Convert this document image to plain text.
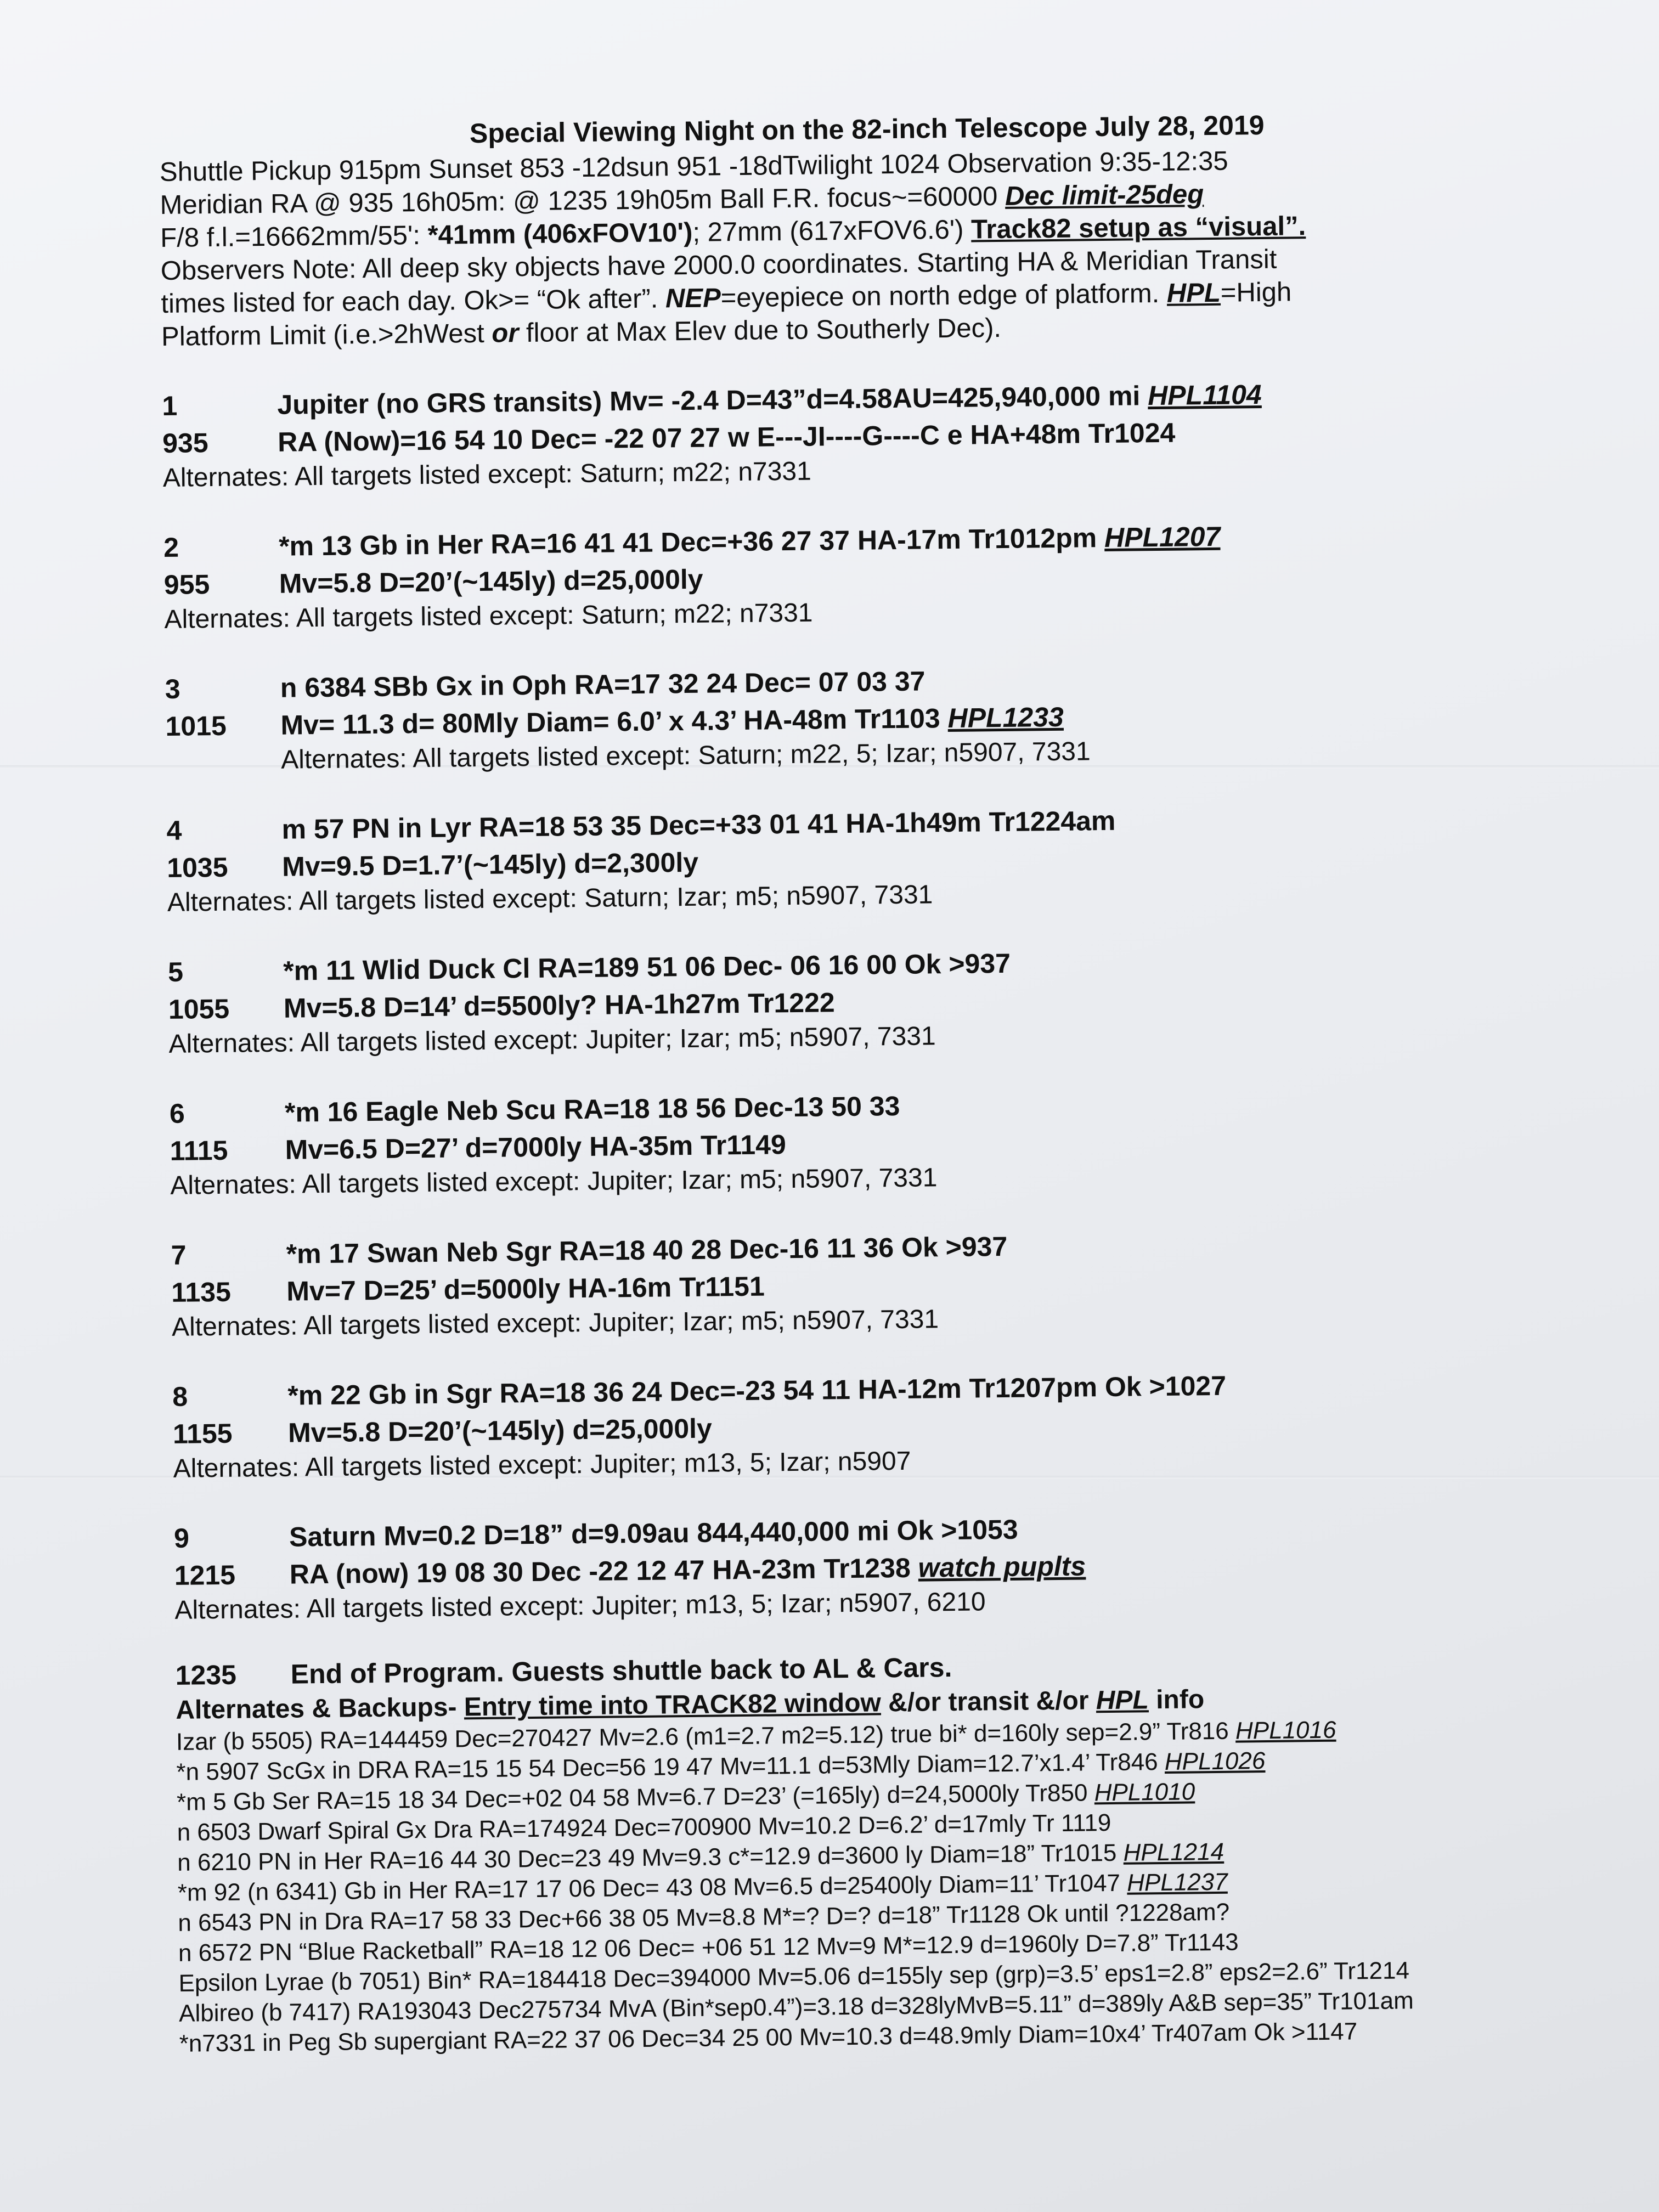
Special Viewing Night on the 82-inch Telescope July 28, 2019
Shuttle Pickup 915pm Sunset 853 -12dsun 951 -18dTwilight 1024 Observation 9:35-12:35
Meridian RA @ 935 16h05m: @ 1235 19h05m Ball F.R. focus~=60000 Dec limit-25deg
F/8 f.l.=16662mm/55': *41mm (406xFOV10'); 27mm (617xFOV6.6') Track82 setup as “visual”.
Observers Note: All deep sky objects have 2000.0 coordinates. Starting HA & Meridian Transit
times listed for each day. Ok>= “Ok after”. NEP=eyepiece on north edge of platform. HPL=High
Platform Limit (i.e.>2hWest or floor at Max Elev due to Southerly Dec).
1	Jupiter (no GRS transits) Mv= -2.4 D=43”d=4.58AU=425,940,000 mi HPL1104
935	RA (Now)=16 54 10 Dec= -22 07 27 w E---JI----G----C e HA+48m Tr1024
Alternates: All targets listed except: Saturn; m22; n7331
2	*m 13 Gb in Her RA=16 41 41 Dec=+36 27 37 HA-17m Tr1012pm HPL1207
955	Mv=5.8 D=20’(~145ly) d=25,000ly
Alternates: All targets listed except: Saturn; m22; n7331
3	n 6384 SBb Gx in Oph RA=17 32 24 Dec= 07 03 37
1015	Mv= 11.3 d= 80Mly Diam= 6.0’ x 4.3’ HA-48m Tr1103 HPL1233
Alternates: All targets listed except: Saturn; m22, 5; Izar; n5907, 7331
4	m 57 PN in Lyr RA=18 53 35 Dec=+33 01 41 HA-1h49m Tr1224am
1035	Mv=9.5 D=1.7’(~145ly) d=2,300ly
Alternates: All targets listed except: Saturn; Izar; m5; n5907, 7331
5	*m 11 Wlid Duck Cl RA=189 51 06 Dec- 06 16 00 Ok >937
1055	Mv=5.8 D=14’ d=5500ly? HA-1h27m Tr1222
Alternates: All targets listed except: Jupiter; Izar; m5; n5907, 7331
6	*m 16 Eagle Neb Scu RA=18 18 56 Dec-13 50 33
1115	Mv=6.5 D=27’ d=7000ly HA-35m Tr1149
Alternates: All targets listed except: Jupiter; Izar; m5; n5907, 7331
7	*m 17 Swan Neb Sgr RA=18 40 28 Dec-16 11 36 Ok >937
1135	Mv=7 D=25’ d=5000ly HA-16m Tr1151
Alternates: All targets listed except: Jupiter; Izar; m5; n5907, 7331
8	*m 22 Gb in Sgr RA=18 36 24 Dec=-23 54 11 HA-12m Tr1207pm Ok >1027
1155	Mv=5.8 D=20’(~145ly) d=25,000ly
Alternates: All targets listed except: Jupiter; m13, 5; Izar; n5907
9	Saturn Mv=0.2 D=18” d=9.09au 844,440,000 mi Ok >1053
1215	RA (now) 19 08 30 Dec -22 12 47 HA-23m Tr1238 watch puplts
Alternates: All targets listed except: Jupiter; m13, 5; Izar; n5907, 6210
1235	End of Program. Guests shuttle back to AL & Cars.
Alternates & Backups- Entry time into TRACK82 window &/or transit &/or HPL info
Izar (b 5505) RA=144459 Dec=270427 Mv=2.6 (m1=2.7 m2=5.12) true bi* d=160ly sep=2.9” Tr816 HPL1016
*n 5907 ScGx in DRA RA=15 15 54 Dec=56 19 47 Mv=11.1 d=53Mly Diam=12.7’x1.4’ Tr846 HPL1026
*m 5 Gb Ser RA=15 18 34 Dec=+02 04 58 Mv=6.7 D=23’ (=165ly) d=24,5000ly Tr850 HPL1010
n 6503 Dwarf Spiral Gx Dra RA=174924 Dec=700900 Mv=10.2 D=6.2’ d=17mly Tr 1119
n 6210 PN in Her RA=16 44 30 Dec=23 49 Mv=9.3 c*=12.9 d=3600 ly Diam=18” Tr1015 HPL1214
*m 92 (n 6341) Gb in Her RA=17 17 06 Dec= 43 08 Mv=6.5 d=25400ly Diam=11’ Tr1047 HPL1237
n 6543 PN in Dra RA=17 58 33 Dec+66 38 05 Mv=8.8 M*=? D=? d=18” Tr1128 Ok until ?1228am?
n 6572 PN “Blue Racketball” RA=18 12 06 Dec= +06 51 12 Mv=9 M*=12.9 d=1960ly D=7.8” Tr1143
Epsilon Lyrae (b 7051) Bin* RA=184418 Dec=394000 Mv=5.06 d=155ly sep (grp)=3.5’ eps1=2.8” eps2=2.6” Tr1214
Albireo (b 7417) RA193043 Dec275734 MvA (Bin*sep0.4”)=3.18 d=328lyMvB=5.11” d=389ly A&B sep=35” Tr101am
*n7331 in Peg Sb supergiant RA=22 37 06 Dec=34 25 00 Mv=10.3 d=48.9mly Diam=10x4’ Tr407am Ok >1147
